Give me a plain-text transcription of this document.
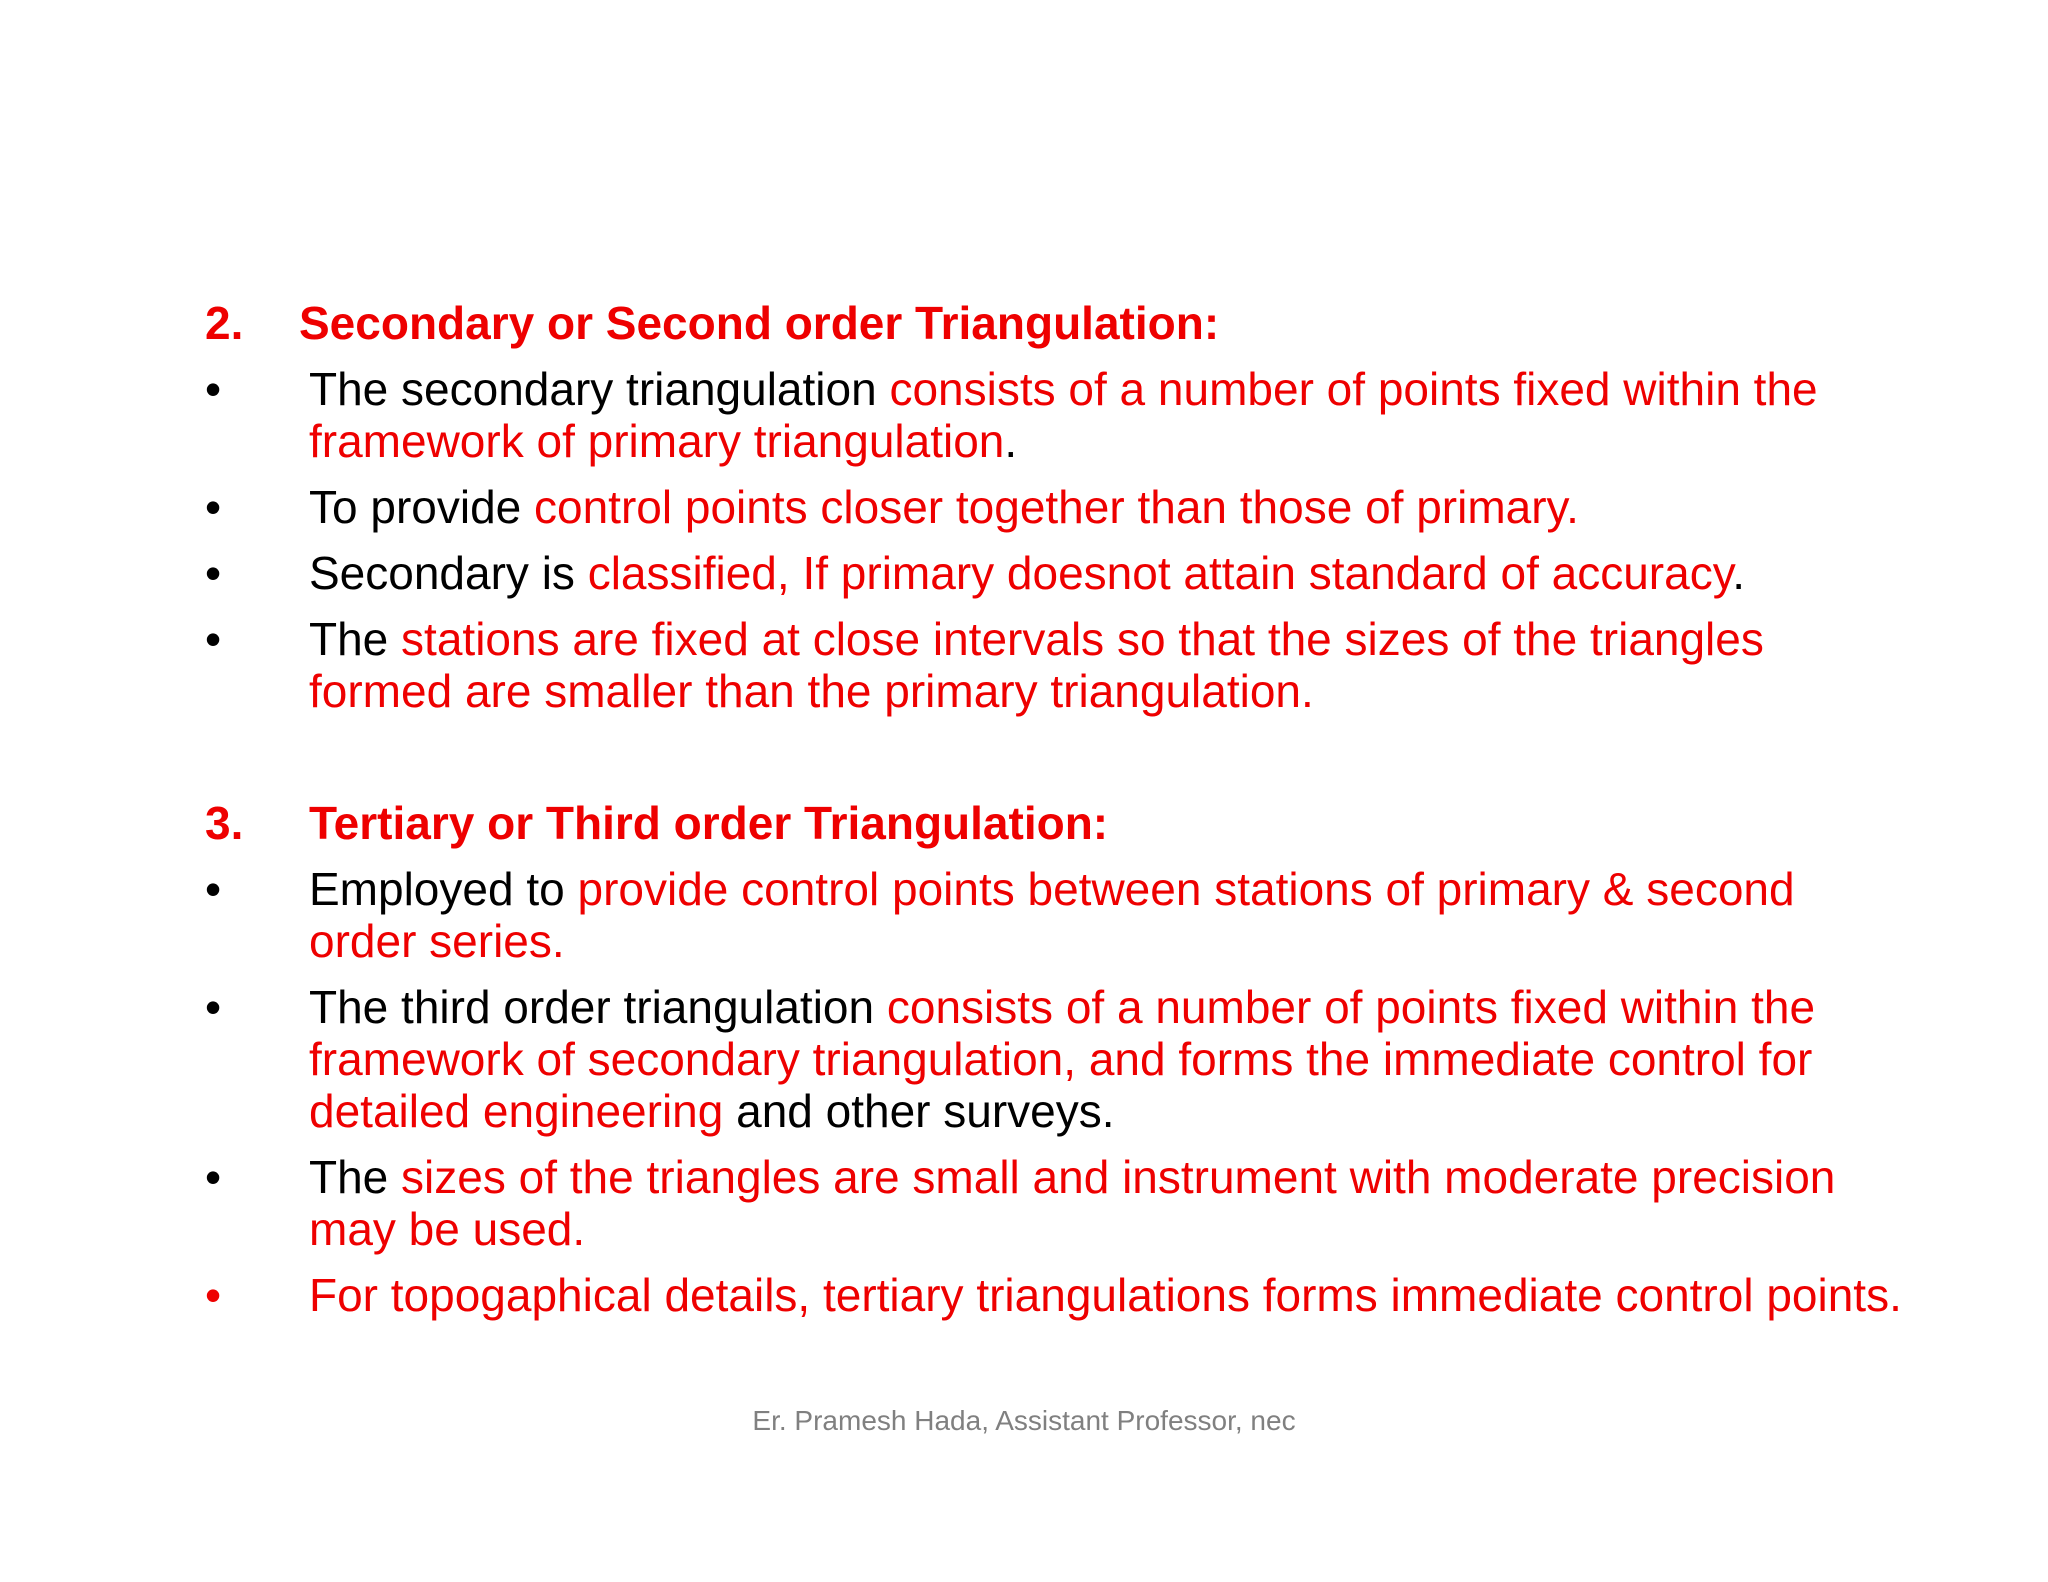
2. Secondary or Second order Triangulation:
•	The secondary triangulation consists of a number of points fixed within the framework of primary triangulation.
•	To provide control points closer together than those of primary.
•	Secondary is classified, If primary doesnot attain standard of accuracy.
•	The stations are fixed at close intervals so that the sizes of the triangles formed are smaller than the primary triangulation.
3. Tertiary or Third order Triangulation:
•	Employed to provide control points between stations of primary & second order series.
•	The third order triangulation consists of a number of points fixed within the framework of secondary triangulation, and forms the immediate control for detailed engineering and other surveys.
•	The sizes of the triangles are small and instrument with moderate precision may be used.
•	For topogaphical details, tertiary triangulations forms immediate control points.
Er. Pramesh Hada, Assistant Professor, nec
